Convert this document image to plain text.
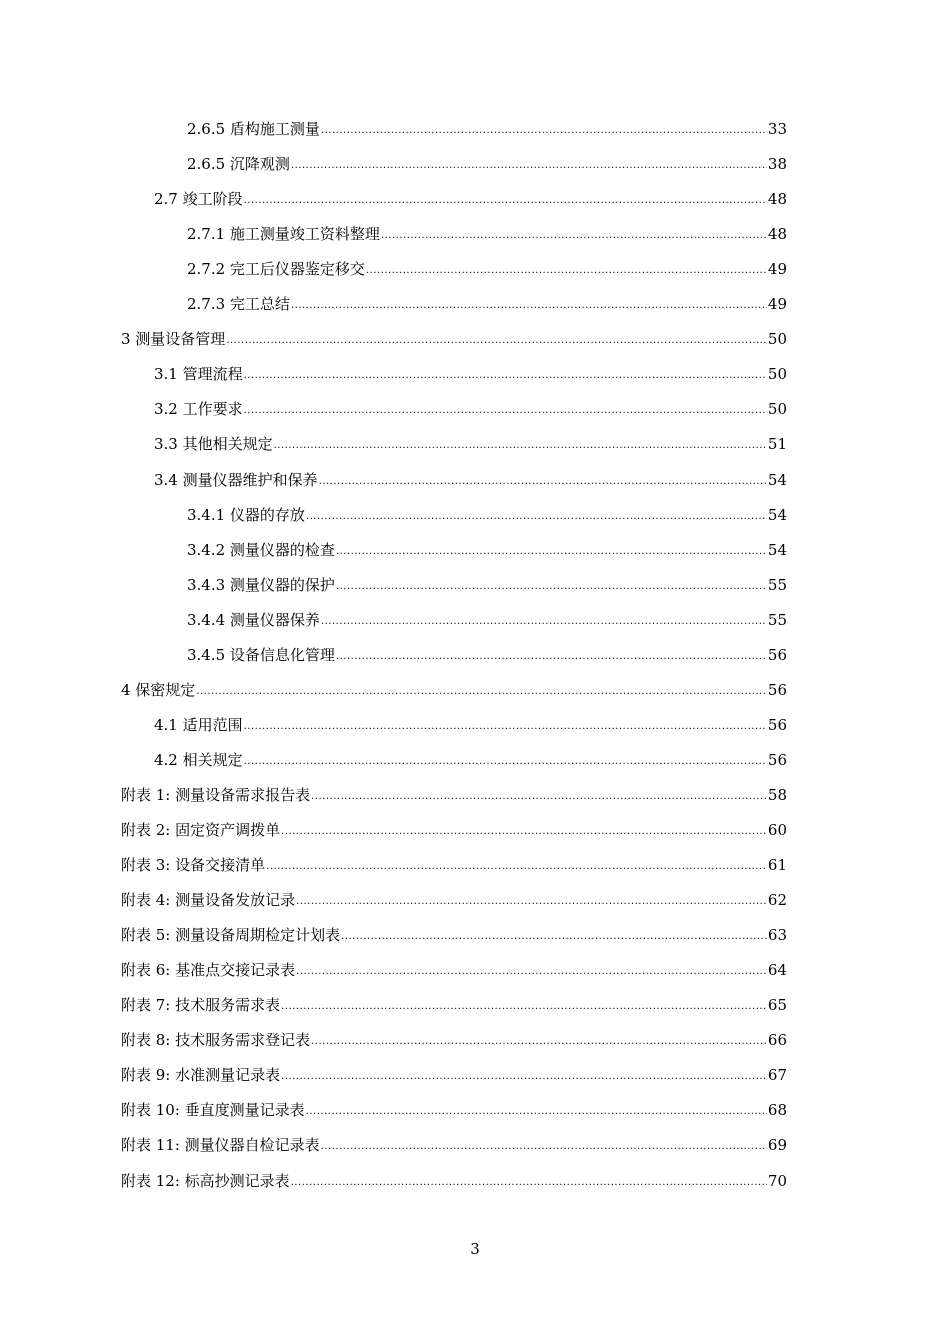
2.6.5 盾构施工测量 .....	33
2.6.5 沉降观测 .....	38
2.7 竣工阶段 .....	48
2.7.1 施工测量竣工资料整理 .....	48
2.7.2 完工后仪器鉴定移交 .....	49
2.7.3 完工总结 .....	49
3 测量设备管理 .....	50
3.1 管理流程 .....	50
3.2 工作要求 .....	50
3.3 其他相关规定 .....	51
3.4 测量仪器维护和保养 .....	54
3.4.1 仪器的存放 .....	54
3.4.2 测量仪器的检查 .....	54
3.4.3 测量仪器的保护 .....	55
3.4.4 测量仪器保养 .....	55
3.4.5 设备信息化管理 .....	56
4 保密规定 .....	56
4.1 适用范围 .....	56
4.2 相关规定 .....	56
附表 1: 测量设备需求报告表 .....	58
附表 2: 固定资产调拨单 .....	60
附表 3: 设备交接清单 .....	61
附表 4: 测量设备发放记录 .....	62
附表 5: 测量设备周期检定计划表 .....	63
附表 6: 基准点交接记录表 .....	64
附表 7: 技术服务需求表 .....	65
附表 8: 技术服务需求登记表 .....	66
附表 9: 水准测量记录表 .....	67
附表 10: 垂直度测量记录表 .....	68
附表 11: 测量仪器自检记录表 .....	69
附表 12: 标高抄测记录表 .....	70
3
